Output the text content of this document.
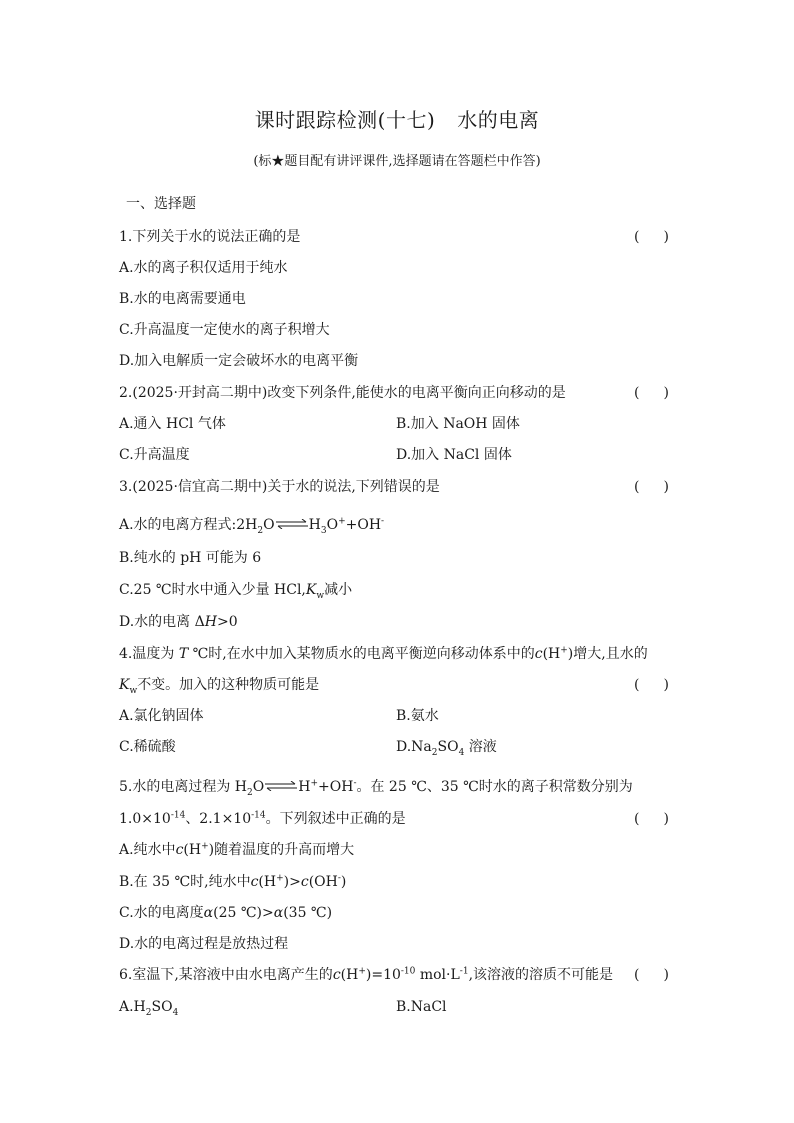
课时跟踪检测(十七) 水的电离
(标★题目配有讲评课件,选择题请在答题栏中作答)
一、选择题
1.下列关于水的说法正确的是	( )
A.水的离子积仅适用于纯水
B.水的电离需要通电
C.升高温度一定使水的离子积增大
D.加入电解质一定会破坏水的电离平衡
2.(2025·开封高二期中)改变下列条件,能使水的电离平衡向正向移动的是	( )
A.通入 HCl 气体	B.加入 NaOH 固体
C.升高温度	D.加入 NaCl 固体
3.(2025·信宜高二期中)关于水的说法,下列错误的是	( )
A.水的电离方程式$:2H_2O\rightleftharpoons H_3O^++OH^-$
B.纯水的 pH 可能为 6
C.25 ℃时水中通入少量 $HCl,K_w$减小
D.水的电离 ΔH>0
4.温度为 T ℃时,在水中加入某物质水的电离平衡逆向移动体系中的c(H+)增大,且水的
$K_w$不变。加入的这种物质可能是	( )
A.氯化钠固体	B.氨水
C.稀硫酸	$D.Na_2SO_4$ 溶液
5.水的电离过程为 $H_2O\rightleftharpoons H^++OH^-$。在 25 ℃、35 ℃时水的离子积常数分别为
$1.0\times 10^{-14}$、$2.1\times 10^{-14}$。下列叙述中正确的是	( )
A.纯水中c(H+)随着温度的升高而增大
B.在 35 ℃时,纯水中c(H+)>c(OH-)
C.水的电离度α(25 ℃)>α(35 ℃)
D.水的电离过程是放热过程
6.室温下,某溶液中由水电离产生的$c(H^+)=10^{-10}$ $mol\cdot L^{-1}$,该溶液的溶质不可能是 ( )
$A.H_2SO_4$	B.NaCl
